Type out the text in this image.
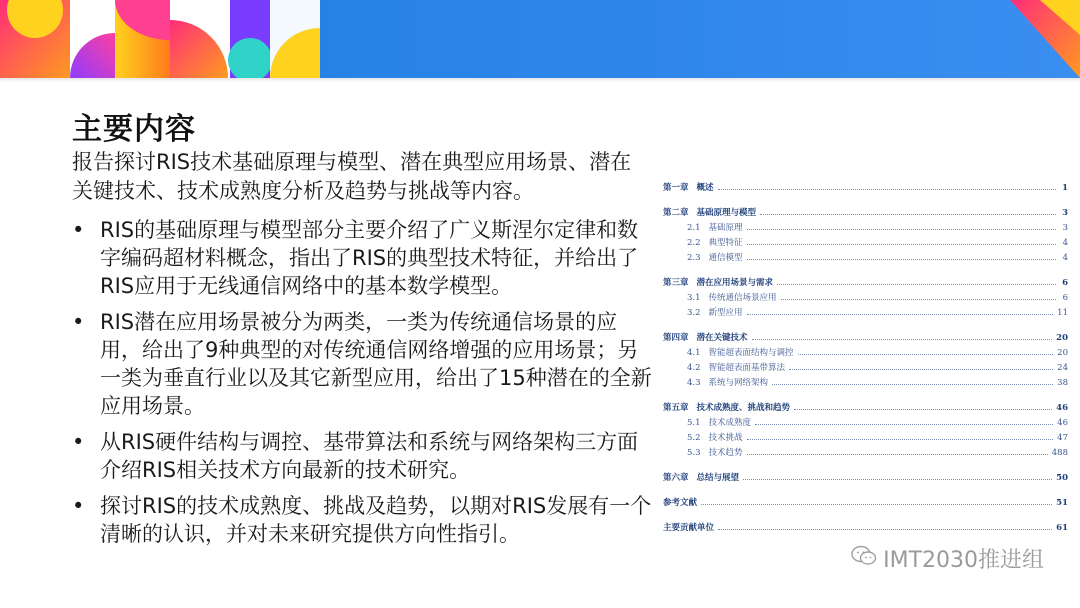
主要内容
报告探讨RIS技术基础原理与模型、潜在典型应用场景、潜在关键技术、技术成熟度分析及趋势与挑战等内容。
• RIS的基础原理与模型部分主要介绍了广义斯涅尔定律和数字编码超材料概念，指出了RIS的典型技术特征，并给出了RIS应用于无线通信网络中的基本数学模型。
• RIS潜在应用场景被分为两类，一类为传统通信场景的应用，给出了9种典型的对传统通信网络增强的应用场景；另一类为垂直行业以及其它新型应用，给出了15种潜在的全新应用场景。
• 从RIS硬件结构与调控、基带算法和系统与网络架构三方面介绍RIS相关技术方向最新的技术研究。
• 探讨RIS的技术成熟度、挑战及趋势，以期对RIS发展有一个清晰的认识，并对未来研究提供方向性指引。
第一章 概述	1
第二章 基础原理与模型	3
2.1 基础原理	3
2.2 典型特征	4
2.3 通信模型	4
第三章 潜在应用场景与需求	6
3.1 传统通信场景应用	6
3.2 新型应用	11
第四章 潜在关键技术	20
4.1 智能超表面结构与调控	20
4.2 智能超表面基带算法	24
4.3 系统与网络架构	38
第五章 技术成熟度、挑战和趋势	46
5.1 技术成熟度	46
5.2 技术挑战	47
5.3 技术趋势	488
第六章 总结与展望	50
参考文献	51
主要贡献单位	61
IMT2030推进组
